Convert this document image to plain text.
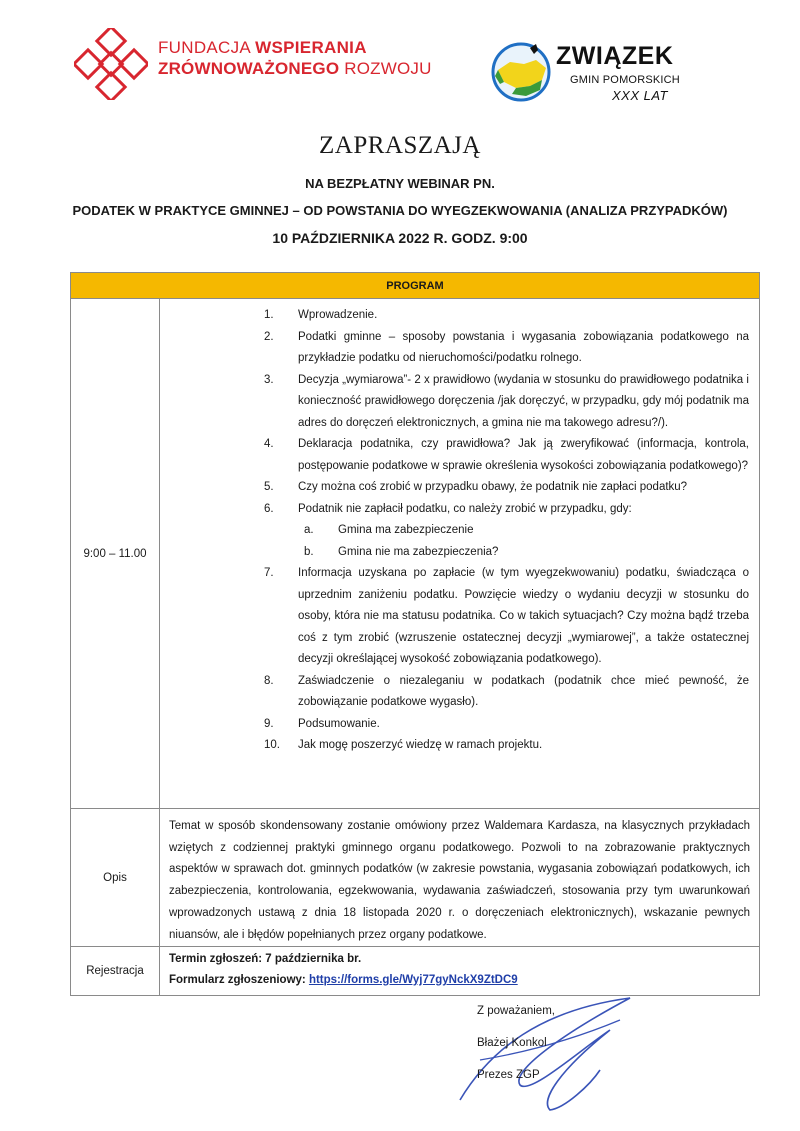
FUNDACJA WSPIERANIA
ZRÓWNOWAŻONEGO ROZWOJU	ZWIĄZEK
GMIN POMORSKICH
XXX LAT
ZAPRASZAJĄ
NA BEZPŁATNY WEBINAR PN.
PODATEK W PRAKTYCE GMINNEJ – OD POWSTANIA DO WYEGZEKWOWANIA (ANALIZA PRZYPADKÓW)
10 PAŹDZIERNIKA 2022 R. GODZ. 9:00
PROGRAM
9:00 – 11.00
1. Wprowadzenie.
2. Podatki gminne – sposoby powstania i wygasania zobowiązania podatkowego na przykładzie podatku od nieruchomości/podatku rolnego.
3. Decyzja „wymiarowa”- 2 x prawidłowo (wydania w stosunku do prawidłowego podatnika i konieczność prawidłowego doręczenia /jak doręczyć, w przypadku, gdy mój podatnik ma adres do doręczeń elektronicznych, a gmina nie ma takowego adresu?/).
4. Deklaracja podatnika, czy prawidłowa? Jak ją zweryfikować (informacja, kontrola, postępowanie podatkowe w sprawie określenia wysokości zobowiązania podatkowego)?
5. Czy można coś zrobić w przypadku obawy, że podatnik nie zapłaci podatku?
6. Podatnik nie zapłacił podatku, co należy zrobić w przypadku, gdy:
a. Gmina ma zabezpieczenie
b. Gmina nie ma zabezpieczenia?
7. Informacja uzyskana po zapłacie (w tym wyegzekwowaniu) podatku, świadcząca o uprzednim zaniżeniu podatku. Powzięcie wiedzy o wydaniu decyzji w stosunku do osoby, która nie ma statusu podatnika. Co w takich sytuacjach? Czy można bądź trzeba coś z tym zrobić (wzruszenie ostatecznej decyzji „wymiarowej”, a także ostatecznej decyzji określającej wysokość zobowiązania podatkowego).
8. Zaświadczenie o niezaleganiu w podatkach (podatnik chce mieć pewność, że zobowiązanie podatkowe wygasło).
9. Podsumowanie.
10. Jak mogę poszerzyć wiedzę w ramach projektu.
Opis
Temat w sposób skondensowany zostanie omówiony przez Waldemara Kardasza, na klasycznych przykładach wziętych z codziennej praktyki gminnego organu podatkowego. Pozwoli to na zobrazowanie praktycznych aspektów w sprawach dot. gminnych podatków (w zakresie powstania, wygasania zobowiązań podatkowych, ich zabezpieczenia, kontrolowania, egzekwowania, wydawania zaświadczeń, stosowania przy tym uwarunkowań wprowadzonych ustawą z dnia 18 listopada 2020 r. o doręczeniach elektronicznych), wskazanie pewnych niuansów, ale i błędów popełnianych przez organy podatkowe.
Rejestracja
Termin zgłoszeń: 7 października br.
Formularz zgłoszeniowy: https://forms.gle/Wyj77gyNckX9ZtDC9
Z poważaniem,
Błażej Konkol
Prezes ZGP
